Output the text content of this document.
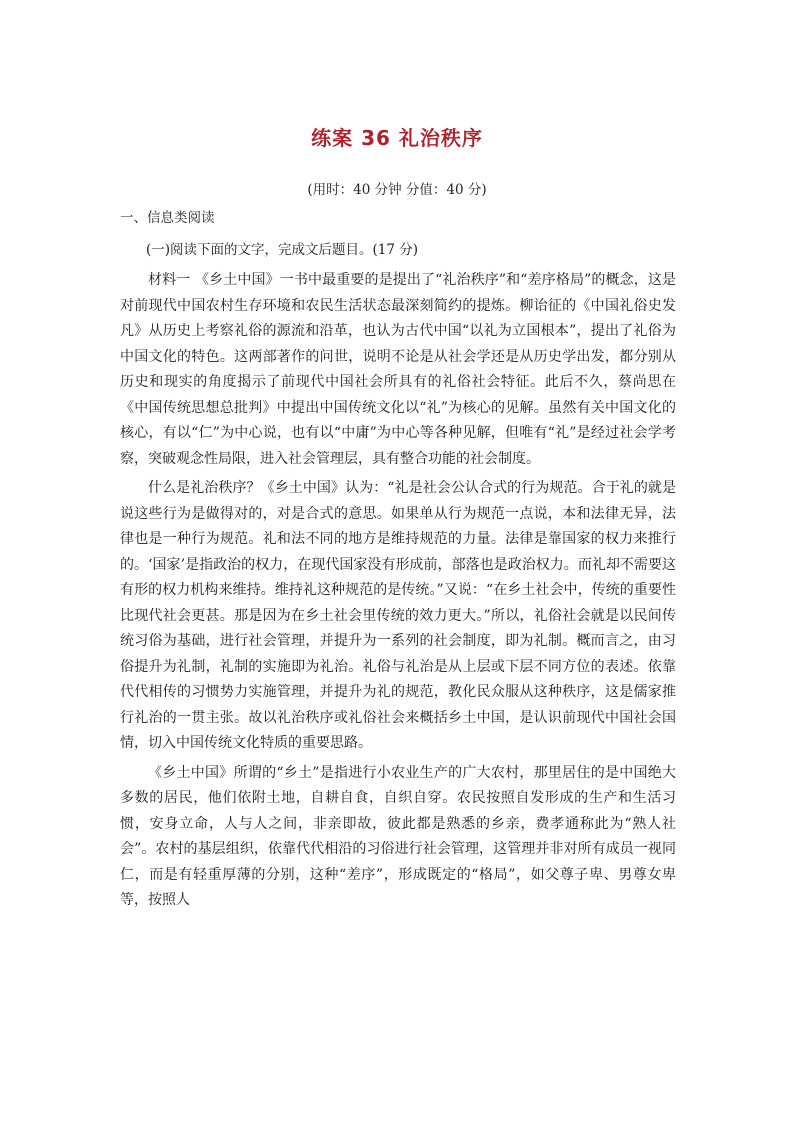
练案 36 礼治秩序
(用时：40 分钟 分值：40 分)
一、信息类阅读
(一)阅读下面的文字，完成文后题目。(17 分)

材料一 《乡土中国》一书中最重要的是提出了“礼治秩序”和“差序格局”的概念，这是对前现代中国农村生存环境和农民生活状态最深刻简约的提炼。柳诒征的《中国礼俗史发凡》从历史上考察礼俗的源流和沿革，也认为古代中国“以礼为立国根本”，提出了礼俗为中国文化的特色。这两部著作的问世，说明不论是从社会学还是从历史学出发，都分别从历史和现实的角度揭示了前现代中国社会所具有的礼俗社会特征。此后不久，蔡尚思在《中国传统思想总批判》中提出中国传统文化以“礼”为核心的见解。虽然有关中国文化的核心，有以“仁”为中心说，也有以“中庸”为中心等各种见解，但唯有“礼”是经过社会学考察，突破观念性局限，进入社会管理层，具有整合功能的社会制度。

什么是礼治秩序？《乡土中国》认为：“礼是社会公认合式的行为规范。合于礼的就是说这些行为是做得对的，对是合式的意思。如果单从行为规范一点说，本和法律无异，法律也是一种行为规范。礼和法不同的地方是维持规范的力量。法律是靠国家的权力来推行的。‘国家’是指政治的权力，在现代国家没有形成前，部落也是政治权力。而礼却不需要这有形的权力机构来维持。维持礼这种规范的是传统。”又说：“在乡土社会中，传统的重要性比现代社会更甚。那是因为在乡土社会里传统的效力更大。”所以，礼俗社会就是以民间传统习俗为基础，进行社会管理，并提升为一系列的社会制度，即为礼制。概而言之，由习俗提升为礼制，礼制的实施即为礼治。礼俗与礼治是从上层或下层不同方位的表述。依靠代代相传的习惯势力实施管理，并提升为礼的规范，教化民众服从这种秩序，这是儒家推行礼治的一贯主张。故以礼治秩序或礼俗社会来概括乡土中国，是认识前现代中国社会国情，切入中国传统文化特质的重要思路。

《乡土中国》所谓的“乡土”是指进行小农业生产的广大农村，那里居住的是中国绝大多数的居民，他们依附土地，自耕自食，自织自穿。农民按照自发形成的生产和生活习惯，安身立命，人与人之间，非亲即故，彼此都是熟悉的乡亲，费孝通称此为“熟人社会”。农村的基层组织，依靠代代相沿的习俗进行社会管理，这管理并非对所有成员一视同仁，而是有轻重厚薄的分别，这种“差序”，形成既定的“格局”，如父尊子卑、男尊女卑等，按照人
